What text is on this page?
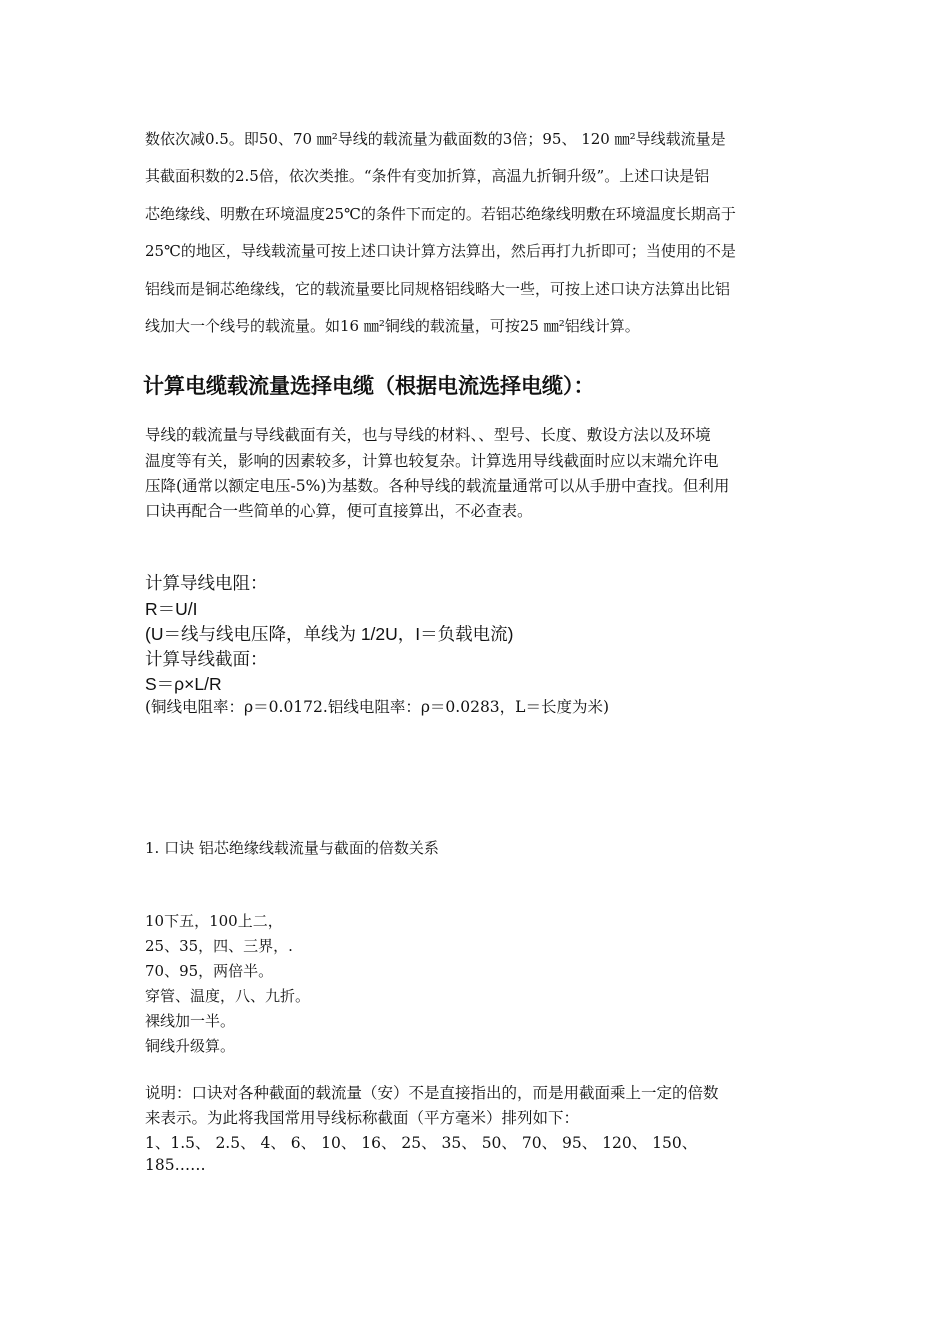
数依次减0.5。即50、70 ㎜²导线的载流量为截面数的3倍；95、 120 ㎜²导线载流量是
其截面积数的2.5倍，依次类推。“条件有变加折算，高温九折铜升级”。上述口诀是铝
芯绝缘线、明敷在环境温度25℃的条件下而定的。若铝芯绝缘线明敷在环境温度长期高于
25℃的地区，导线载流量可按上述口诀计算方法算出，然后再打九折即可；当使用的不是
铝线而是铜芯绝缘线，它的载流量要比同规格铝线略大一些，可按上述口诀方法算出比铝
线加大一个线号的载流量。如16 ㎜²铜线的载流量，可按25 ㎜²铝线计算。
计算电缆载流量选择电缆（根据电流选择电缆）：
导线的载流量与导线截面有关，也与导线的材料、、型号、长度、敷设方法以及环境
温度等有关，影响的因素较多，计算也较复杂。计算选用导线截面时应以末端允许电
压降(通常以额定电压-5%)为基数。各种导线的载流量通常可以从手册中查找。但利用
口诀再配合一些简单的心算，便可直接算出，不必查表。
计算导线电阻：
R＝U/I
(U＝线与线电压降，单线为 1/2U，I＝负载电流)
计算导线截面：
S＝ρ×L/R
(铜线电阻率：ρ＝0.0172.铝线电阻率：ρ＝0.0283，L＝长度为米)
1. 口诀 铝芯绝缘线载流量与截面的倍数关系
10下五，100上二，
25、35，四、三界，.
70、95，两倍半。
穿管、温度，八、九折。
裸线加一半。
铜线升级算。
说明：口诀对各种截面的载流量（安）不是直接指出的，而是用截面乘上一定的倍数
来表示。为此将我国常用导线标称截面（平方毫米）排列如下：
1、1.5、 2.5、 4、 6、 10、 16、 25、 35、 50、 70、 95、 120、 150、
185……
